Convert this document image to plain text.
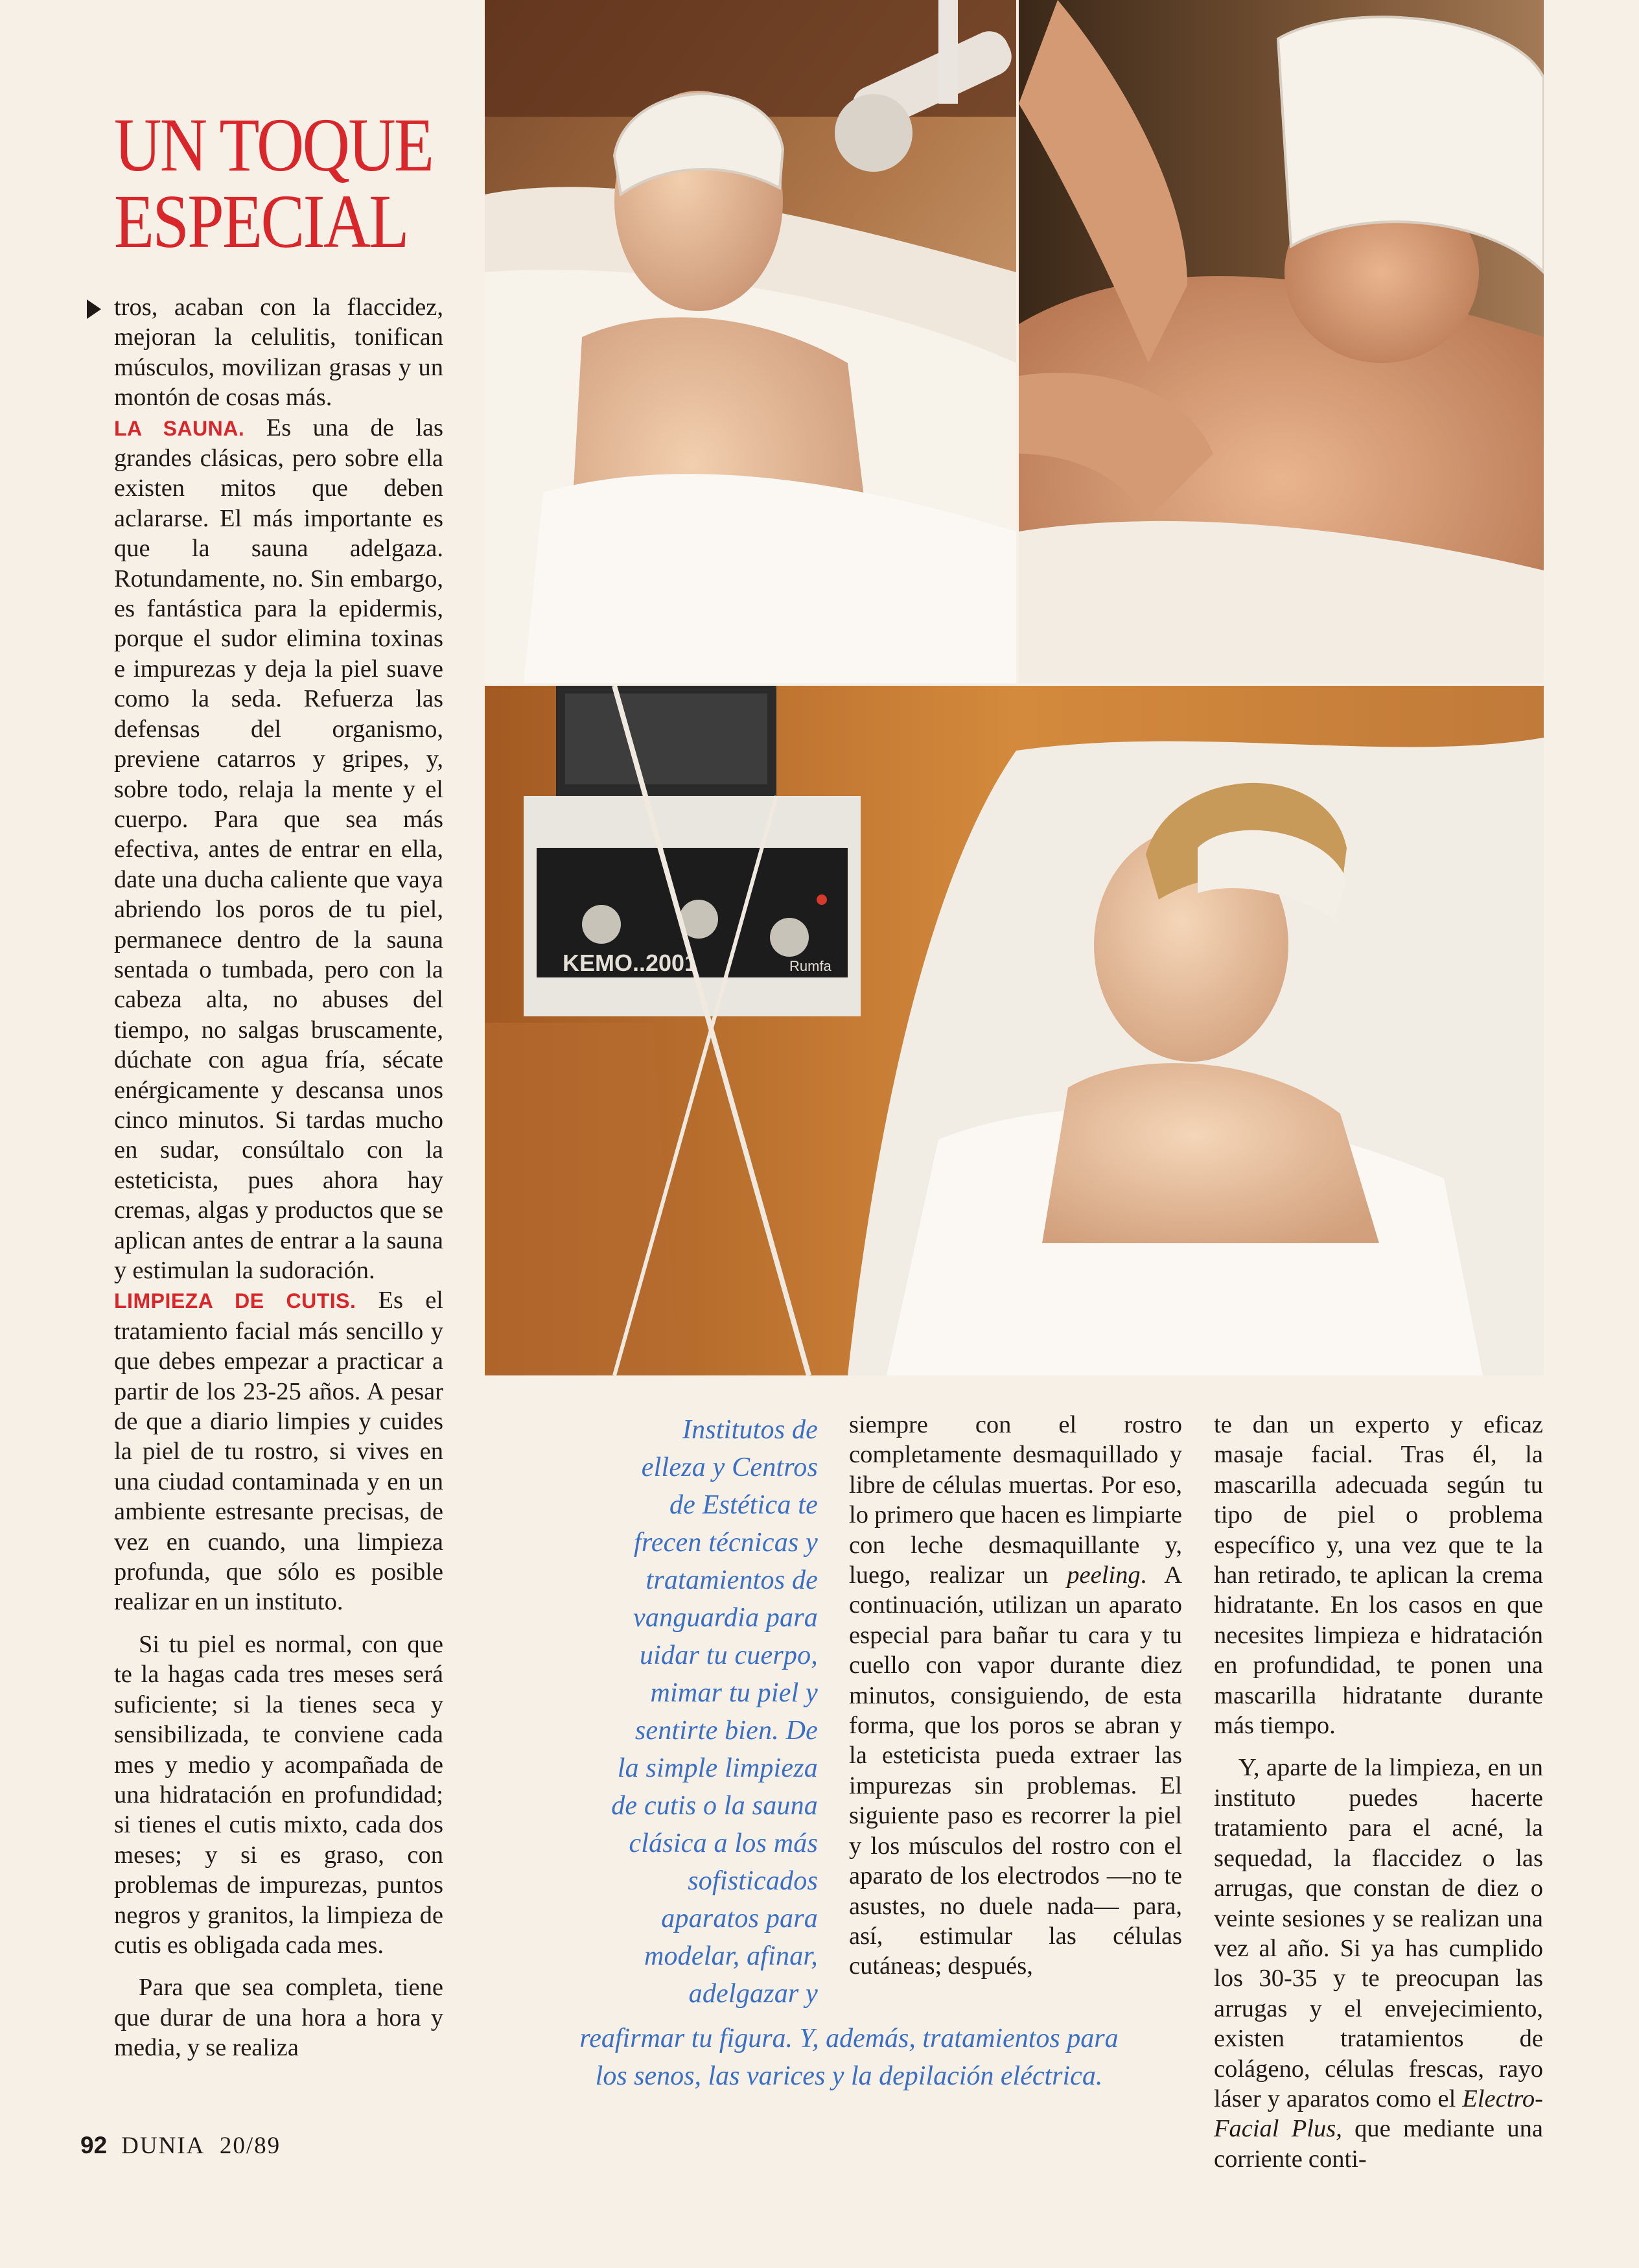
UN TOQUE
ESPECIAL
KEMO..2001	Rumfa

tros, acaban con la flaccidez, mejoran la celulitis, tonifican músculos, movilizan grasas y un montón de cosas más.
LA SAUNA. Es una de las grandes clásicas, pero sobre ella existen mitos que deben aclararse. El más importante es que la sauna adelgaza. Rotundamente, no. Sin embargo, es fantástica para la epidermis, porque el sudor elimina toxinas e impurezas y deja la piel suave como la seda. Refuerza las defensas del organismo, previene catarros y gripes, y, sobre todo, relaja la mente y el cuerpo. Para que sea más efectiva, antes de entrar en ella, date una ducha caliente que vaya abriendo los poros de tu piel, permanece dentro de la sauna sentada o tumbada, pero con la cabeza alta, no abuses del tiempo, no salgas bruscamente, dúchate con agua fría, sécate enérgicamente y descansa unos cinco minutos. Si tardas mucho en sudar, consúltalo con la esteticista, pues ahora hay cremas, algas y productos que se aplican antes de entrar a la sauna y estimulan la sudoración.
LIMPIEZA DE CUTIS. Es el tratamiento facial más sencillo y que debes empezar a practicar a partir de los 23-25 años. A pesar de que a diario limpies y cuides la piel de tu rostro, si vives en una ciudad contaminada y en un ambiente estresante precisas, de vez en cuando, una limpieza profunda, que sólo es posible realizar en un instituto.

Si tu piel es normal, con que te la hagas cada tres meses será suficiente; si la tienes seca y sensibilizada, te conviene cada mes y medio y acompañada de una hidratación en profundidad; si tienes el cutis mixto, cada dos meses; y si es graso, con problemas de impurezas, puntos negros y granitos, la limpieza de cutis es obligada cada mes.

Para que sea completa, tiene que durar de una hora a hora y media, y se realiza

Institutos de

elleza y Centros

de Estética te

frecen técnicas y

tratamientos de

vanguardia para

uidar tu cuerpo,

mimar tu piel y

sentirte bien. De

la simple limpieza

de cutis o la sauna

clásica a los más

sofisticados

aparatos para

modelar, afinar,

adelgazar y

reafirmar tu figura. Y, además, tratamientos para
los senos, las varices y la depilación eléctrica.

siempre con el rostro completamente desmaquillado y libre de células muertas. Por eso, lo primero que hacen es limpiarte con leche desmaquillante y, luego, realizar un peeling. A continuación, utilizan un aparato especial para bañar tu cara y tu cuello con vapor durante diez minutos, consiguiendo, de esta forma, que los poros se abran y la esteticista pueda extraer las impurezas sin problemas. El siguiente paso es recorrer la piel y los músculos del rostro con el aparato de los electrodos —no te asustes, no duele nada— para, así, estimular las células cutáneas; después,

te dan un experto y eficaz masaje facial. Tras él, la mascarilla adecuada según tu tipo de piel o problema específico y, una vez que te la han retirado, te aplican la crema hidratante. En los casos en que necesites limpieza e hidratación en profundidad, te ponen una mascarilla hidratante durante más tiempo.

Y, aparte de la limpieza, en un instituto puedes hacerte tratamiento para el acné, la sequedad, la flaccidez o las arrugas, que constan de diez o veinte sesiones y se realizan una vez al año. Si ya has cumplido los 30-35 y te preocupan las arrugas y el envejecimiento, existen tratamientos de colágeno, células frescas, rayo láser y aparatos como el Electro-Facial Plus, que mediante una corriente conti-

92 DUNIA 20/89
